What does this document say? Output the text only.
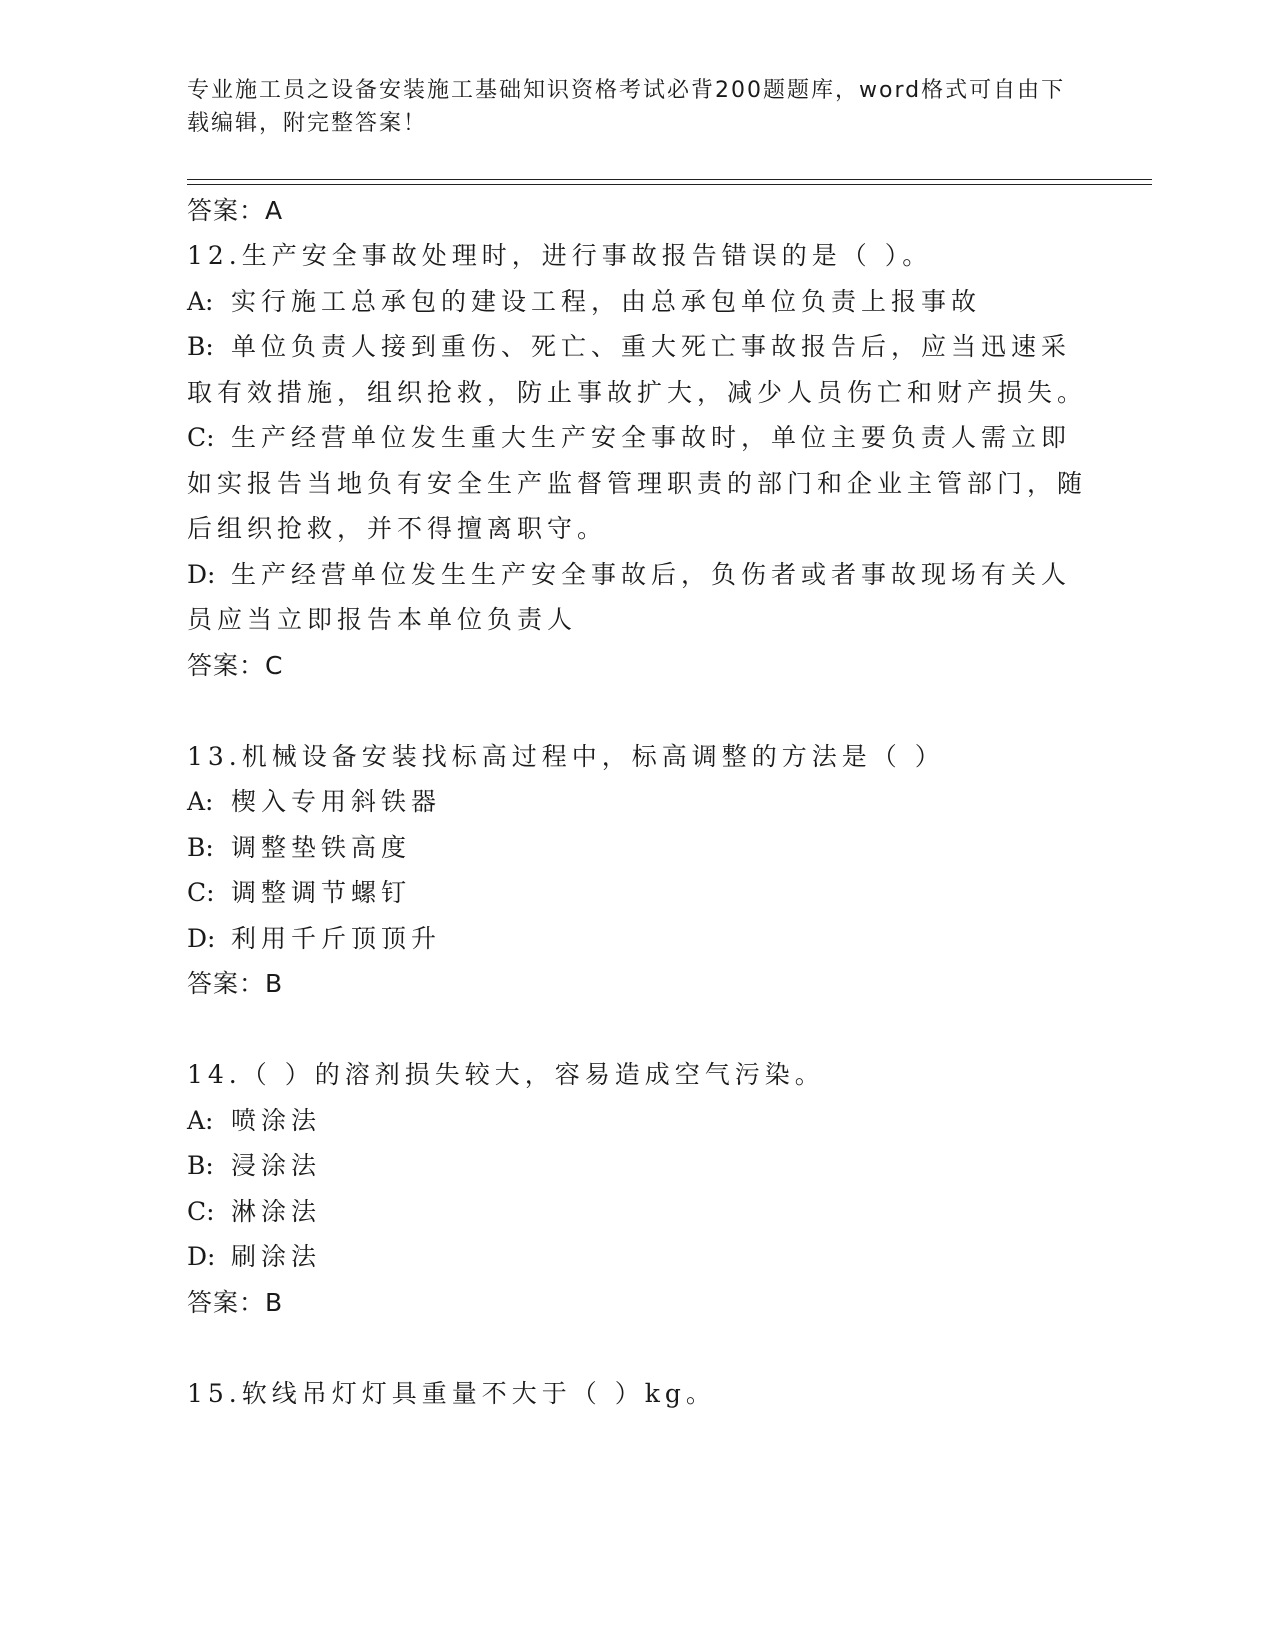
专业施工员之设备安装施工基础知识资格考试必背200题题库，word格式可自由下载编辑，附完整答案！

答案：A

12.生产安全事故处理时，进行事故报告错误的是（ ）。

A: 实行施工总承包的建设工程，由总承包单位负责上报事故

B: 单位负责人接到重伤、死亡、重大死亡事故报告后，应当迅速采取有效措施，组织抢救，防止事故扩大，减少人员伤亡和财产损失。

C: 生产经营单位发生重大生产安全事故时，单位主要负责人需立即如实报告当地负有安全生产监督管理职责的部门和企业主管部门，随后组织抢救，并不得擅离职守。

D: 生产经营单位发生生产安全事故后，负伤者或者事故现场有关人员应当立即报告本单位负责人

答案：C

13.机械设备安装找标高过程中，标高调整的方法是（ ）

A: 楔入专用斜铁器

B: 调整垫铁高度

C: 调整调节螺钉

D: 利用千斤顶顶升

答案：B

14.（ ）的溶剂损失较大，容易造成空气污染。

A: 喷涂法

B: 浸涂法

C: 淋涂法

D: 刷涂法

答案：B

15.软线吊灯灯具重量不大于（ ）kg。
